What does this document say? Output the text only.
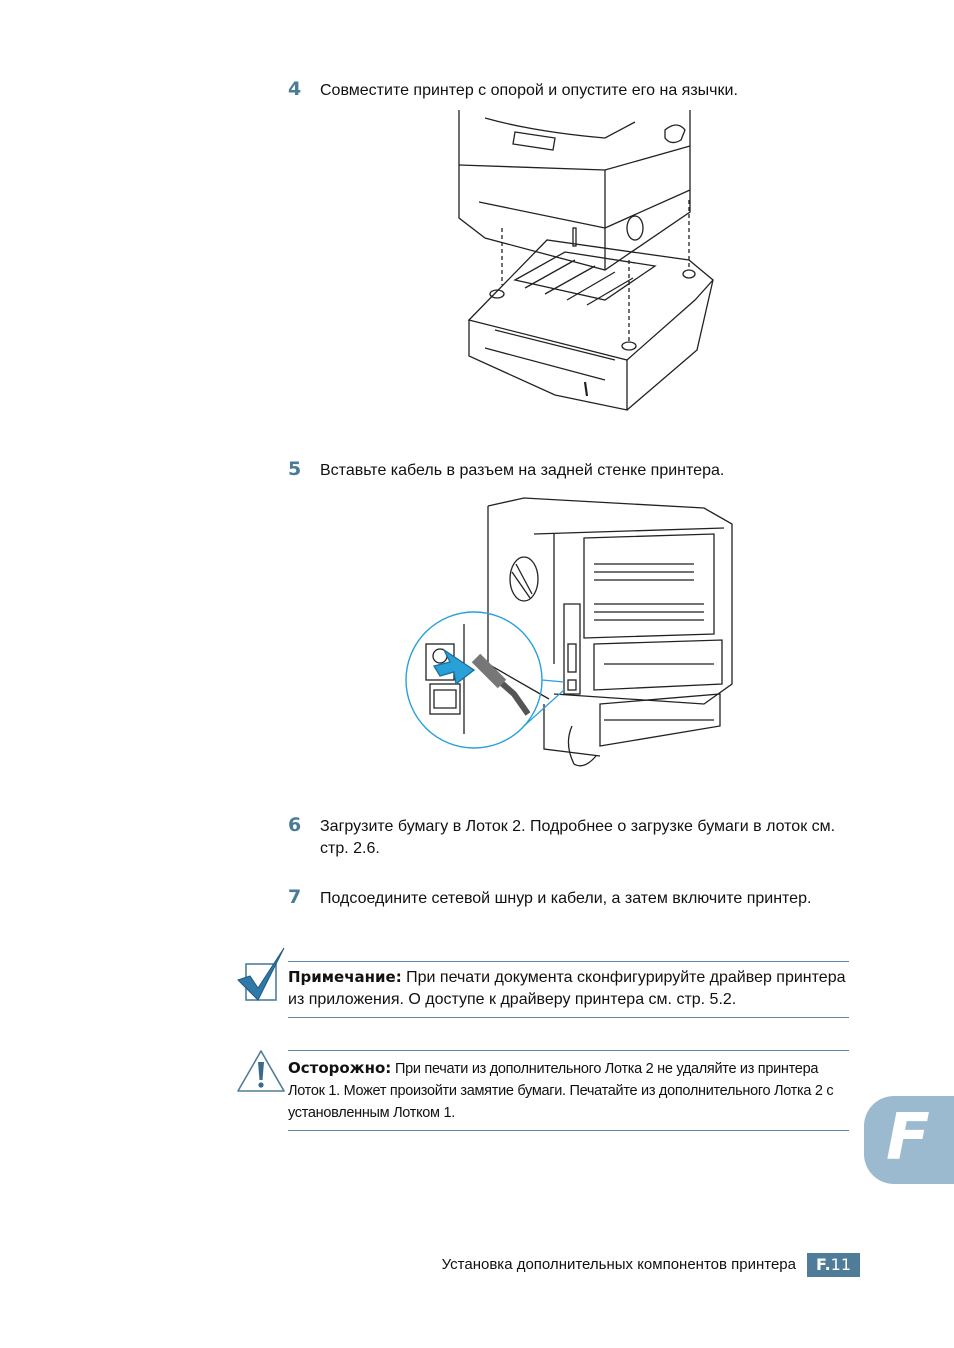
4 Совместите принтер с опорой и опустите его на язычки.
5 Вставьте кабель в разъем на задней стенке принтера.
6 Загрузите бумагу в Лоток 2. Подробнее о загрузке бумаги в лоток см. стр. 2.6.
7 Подсоедините сетевой шнур и кабели, а затем включите принтер.
Примечание: При печати документа сконфигурируйте драйвер принтера из приложения. О доступе к драйверу принтера см. стр. 5.2.
Осторожно: При печати из дополнительного Лотка 2 не удаляйте из принтера Лоток 1. Может произойти замятие бумаги. Печатайте из дополнительного Лотка 2 с установленным Лотком 1.	F
Установка дополнительных компонентов принтера	F.11
